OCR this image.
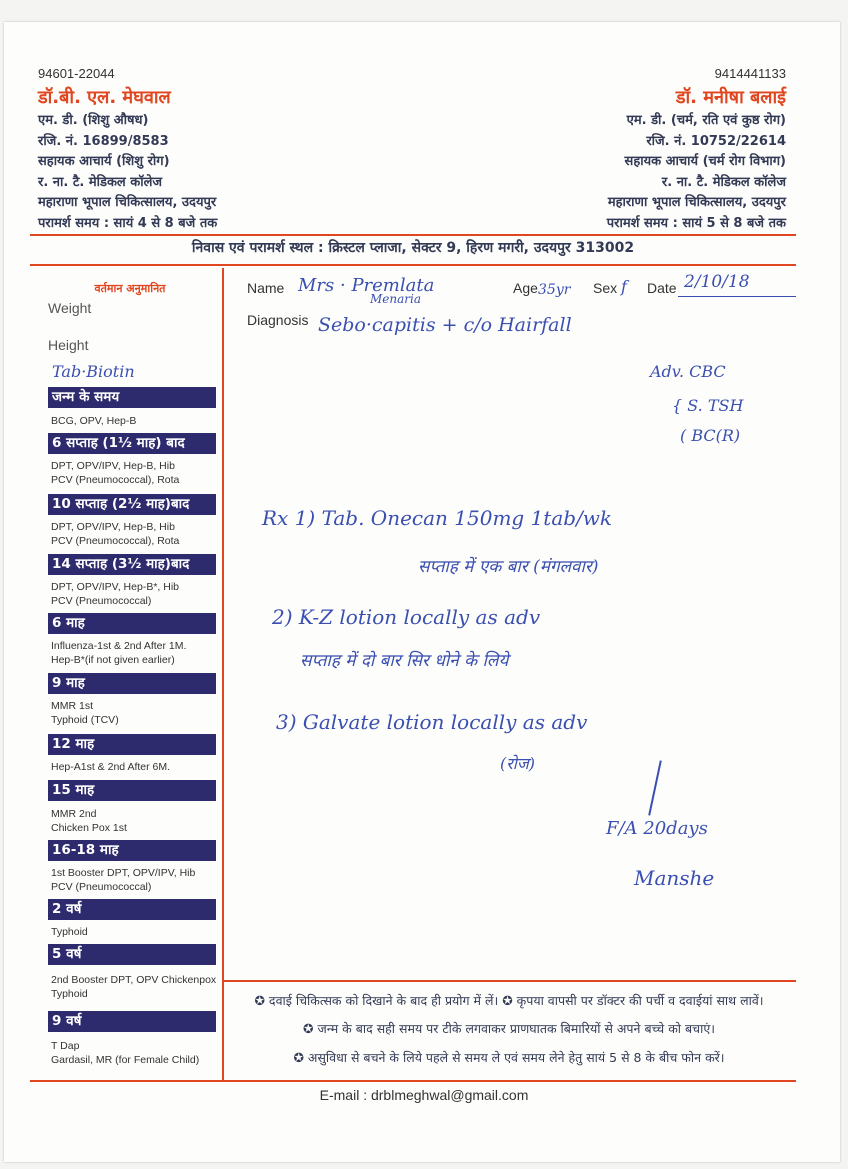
94601-22044
डॉ.बी. एल. मेघवाल
एम. डी. (शिशु औषध)
रजि. नं. 16899/8583
सहायक आचार्य (शिशु रोग)
र. ना. टै. मेडिकल कॉलेज
महाराणा भूपाल चिकित्सालय, उदयपुर
परामर्श समय : सायं 4 से 8 बजे तक
9414441133
डॉ. मनीषा बलाई
एम. डी. (चर्म, रति एवं कुष्ठ रोग)
रजि. नं. 10752/22614
सहायक आचार्य (चर्म रोग विभाग)
र. ना. टै. मेडिकल कॉलेज
महाराणा भूपाल चिकित्सालय, उदयपुर
परामर्श समय : सायं 5 से 8 बजे तक
निवास एवं परामर्श स्थल : क्रिस्टल प्लाजा, सेक्टर 9, हिरण मगरी, उदयपुर 313002
वर्तमान अनुमानित
Weight
Height
Tab·Biotin
जन्म के समय
BCG, OPV, Hep-B
6 सप्ताह (1½ माह) बाद
DPT, OPV/IPV, Hep-B, Hib
PCV (Pneumococcal), Rota
10 सप्ताह (2½ माह)बाद
DPT, OPV/IPV, Hep-B, Hib
PCV (Pneumococcal), Rota
14 सप्ताह (3½ माह)बाद
DPT, OPV/IPV, Hep-B*, Hib
PCV (Pneumococcal)
6 माह
Influenza-1st & 2nd After 1M.
Hep-B*(if not given earlier)
9 माह
MMR 1st
Typhoid (TCV)
12 माह
Hep-A1st & 2nd After 6M.
15 माह
MMR 2nd
Chicken Pox 1st
16-18 माह
1st Booster DPT, OPV/IPV, Hib
PCV (Pneumococcal)
2 वर्ष
Typhoid
5 वर्ष
2nd Booster DPT, OPV Chickenpox
Typhoid
9 वर्ष
T Dap
Gardasil, MR (for Female Child)
Name Mrs · Premlata
Menaria
Age 35yr Sex f Date 2/10/18
Diagnosis Sebo·capitis + c/o Hairfall
Adv. CBC
{ S. TSH
( BC(R)
Rx 1) Tab. Onecan 150mg 1tab/wk
सप्ताह में एक बार (मंगलवार)
2) K-Z lotion locally as adv
सप्ताह में दो बार सिर धोने के लिये
3) Galvate lotion locally as adv
(रोज)
F/A 20days
Manshe
✪ दवाई चिकित्सक को दिखाने के बाद ही प्रयोग में लें। ✪ कृपया वापसी पर डॉक्टर की पर्ची व दवाईयां साथ लावें।
✪ जन्म के बाद सही समय पर टीके लगवाकर प्राणघातक बिमारियों से अपने बच्चे को बचाएं।
✪ असुविधा से बचने के लिये पहले से समय ले एवं समय लेने हेतु सायं 5 से 8 के बीच फोन करें।
E-mail : drblmeghwal@gmail.com
